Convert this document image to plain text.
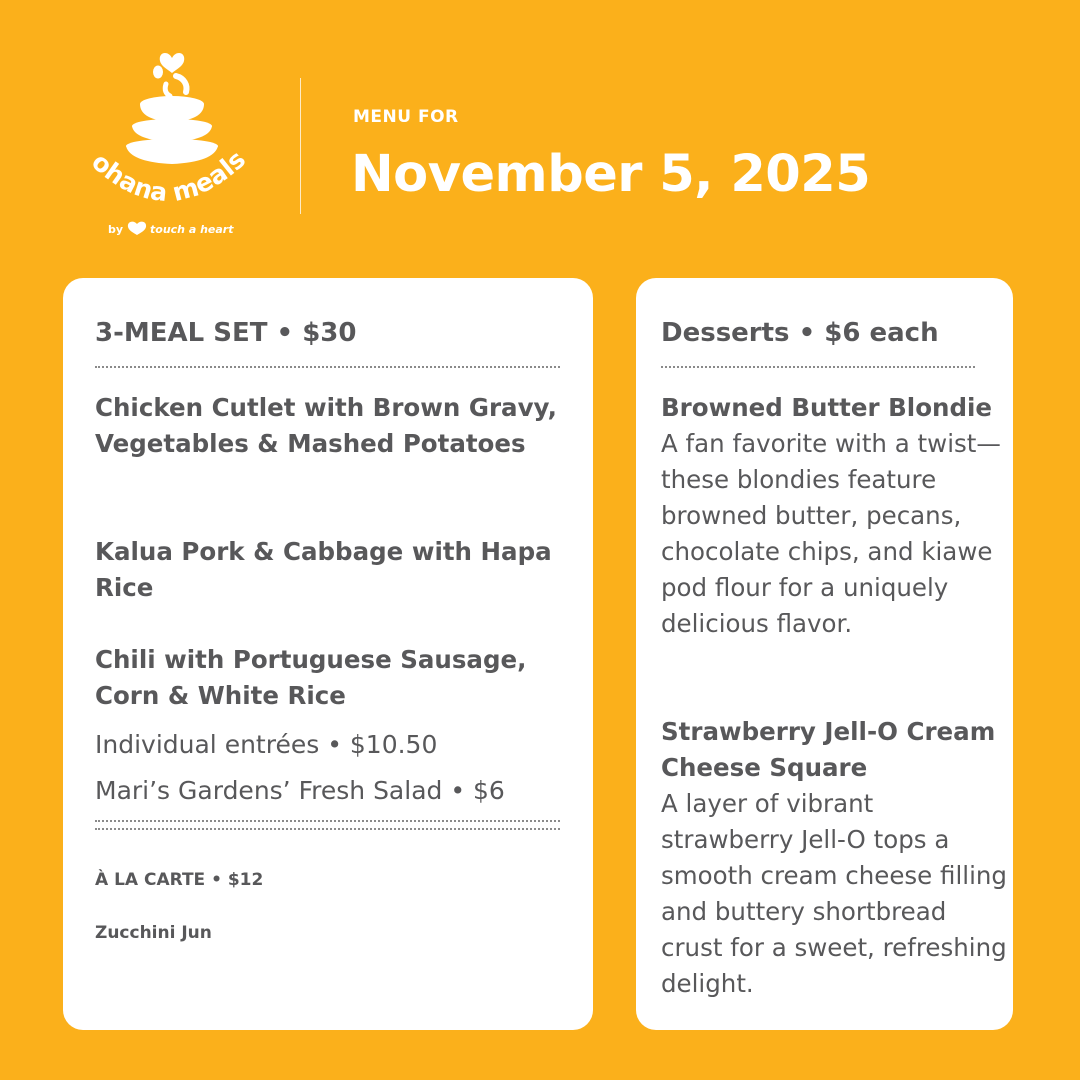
ohana meals
by touch a heart
MENU FOR
November 5, 2025
3-MEAL SET • $30
Chicken Cutlet with Brown Gravy, Vegetables & Mashed Potatoes
Kalua Pork & Cabbage with Hapa Rice
Chili with Portuguese Sausage, Corn & White Rice
Individual entrées • $10.50
Mari’s Gardens’ Fresh Salad • $6
À LA CARTE • $12
Zucchini Jun
Desserts • $6 each
Browned Butter Blondie
A fan favorite with a twist—these blondies feature browned butter, pecans, chocolate chips, and kiawe pod flour for a uniquely delicious flavor.
Strawberry Jell-O Cream Cheese Square
A layer of vibrant strawberry Jell-O tops a smooth cream cheese filling and buttery shortbread crust for a sweet, refreshing delight.
